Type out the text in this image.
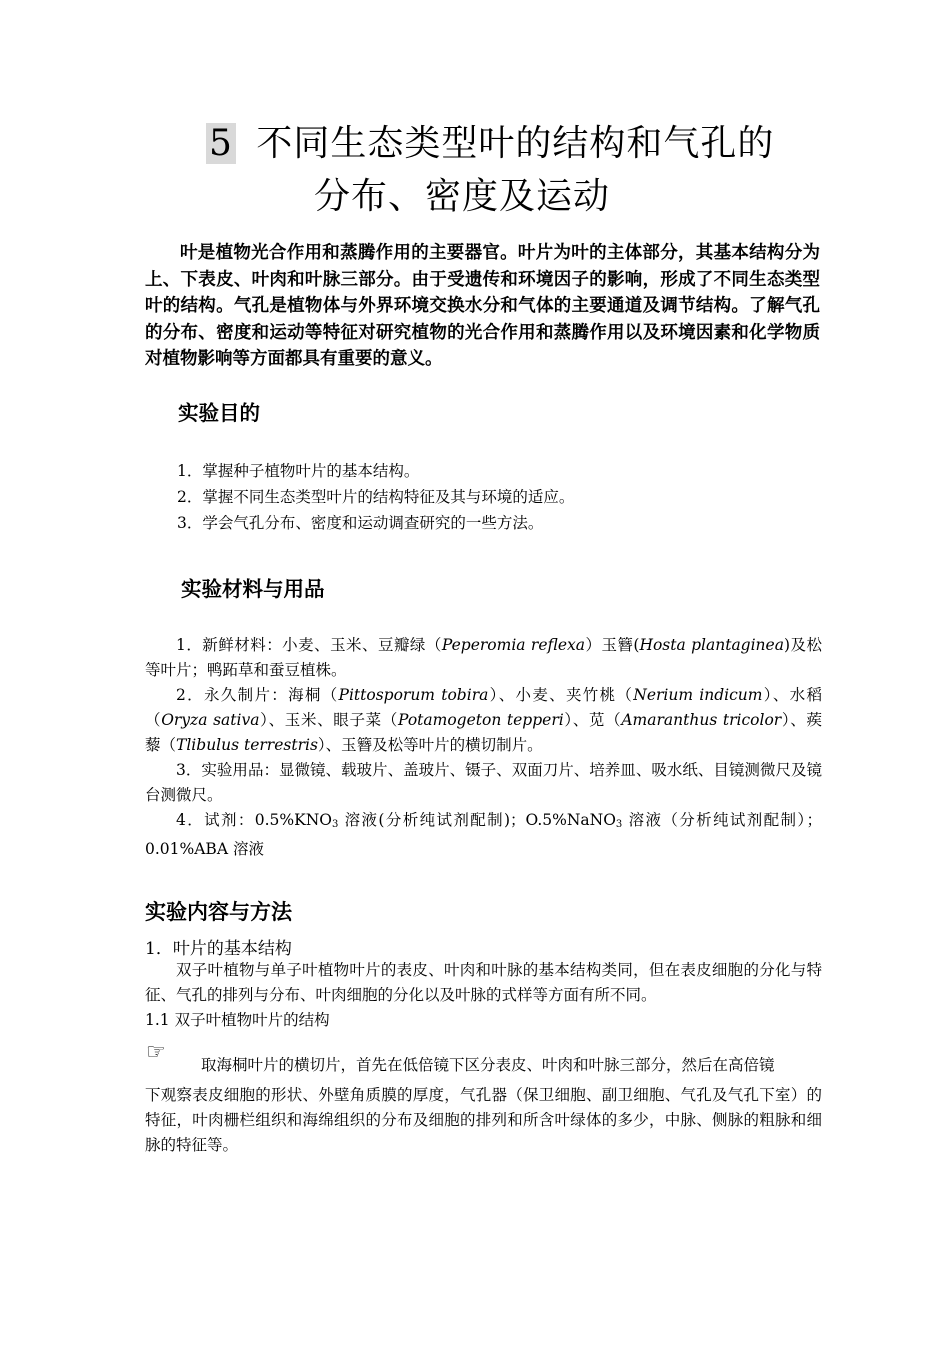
5 不同生态类型叶的结构和气孔的
分布、密度及运动

叶是植物光合作用和蒸腾作用的主要器官。叶片为叶的主体部分，其基本结构分为上、下表皮、叶肉和叶脉三部分。由于受遗传和环境因子的影响，形成了不同生态类型叶的结构。气孔是植物体与外界环境交换水分和气体的主要通道及调节结构。了解气孔的分布、密度和运动等特征对研究植物的光合作用和蒸腾作用以及环境因素和化学物质对植物影响等方面都具有重要的意义。

实验目的
1．掌握种子植物叶片的基本结构。
2．掌握不同生态类型叶片的结构特征及其与环境的适应。
3．学会气孔分布、密度和运动调查研究的一些方法。
实验材料与用品

1．新鲜材料：小麦、玉米、豆瓣绿（Peperomia reflexa）玉簪(Hosta plantaginea)及松等叶片；鸭跖草和蚕豆植株。

2．永久制片：海桐（Pittosporum tobira）、小麦、夹竹桃（Nerium indicum）、水稻（Oryza sativa）、玉米、眼子菜（Potamogeton tepperi）、苋（Amaranthus tricolor）、蒺藜（Tlibulus terrestris）、玉簪及松等叶片的横切制片。

3．实验用品：显微镜、载玻片、盖玻片、镊子、双面刀片、培养皿、吸水纸、目镜测微尺及镜台测微尺。

4．试剂：$0.5\%KNO_3$ 溶液(分析纯试剂配制)；O.5%NaNO$_3$ 溶液（分析纯试剂配制）；0.01%ABA 溶液

实验内容与方法
1．叶片的基本结构

双子叶植物与单子叶植物叶片的表皮、叶肉和叶脉的基本结构类同，但在表皮细胞的分化与特征、气孔的排列与分布、叶肉细胞的分化以及叶脉的式样等方面有所不同。

1.1 双子叶植物叶片的结构

☞ 取海桐叶片的横切片，首先在低倍镜下区分表皮、叶肉和叶脉三部分，然后在高倍镜

下观察表皮细胞的形状、外壁角质膜的厚度，气孔器（保卫细胞、副卫细胞、气孔及气孔下室）的特征，叶肉栅栏组织和海绵组织的分布及细胞的排列和所含叶绿体的多少，中脉、侧脉的粗脉和细脉的特征等。
